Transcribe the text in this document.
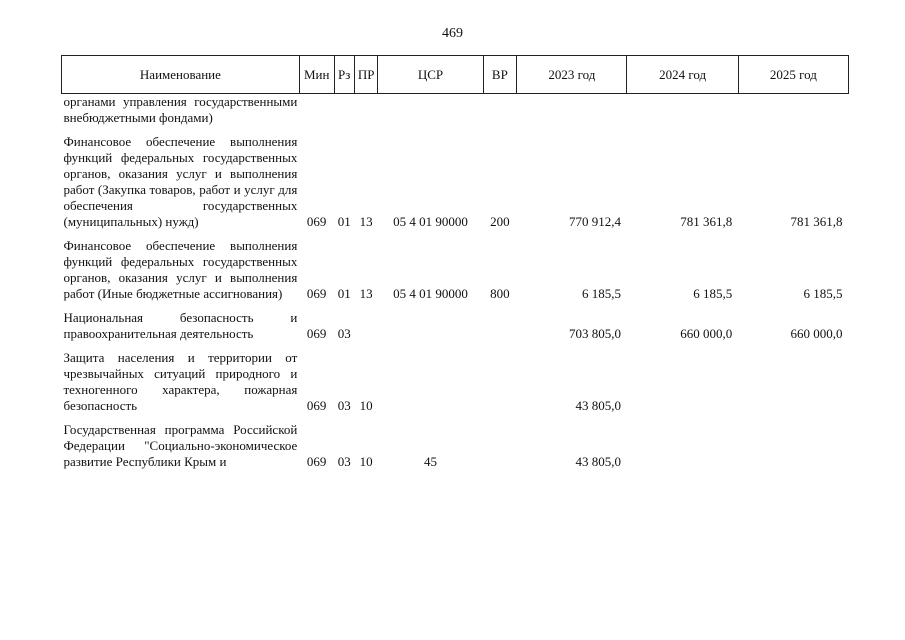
469
Наименование	Мин	Рз	ПР	ЦСР	ВР	2023 год	2024 год	2025 год
органами управления государственными внебюджетными фондами)								
Финансовое обеспечение выполнения функций федеральных государственных органов, оказания услуг и выполнения работ (Закупка товаров, работ и услуг для обеспечения государственных (муниципальных) нужд)	069	01	13	05 4 01 90000	200	770 912,4	781 361,8	781 361,8
Финансовое обеспечение выполнения функций федеральных государственных органов, оказания услуг и выполнения работ (Иные бюджетные ассигнования)	069	01	13	05 4 01 90000	800	6 185,5	6 185,5	6 185,5
Национальная безопасность и правоохранительная деятельность	069	03				703 805,0	660 000,0	660 000,0
Защита населения и территории от чрезвычайных ситуаций природного и техногенного характера, пожарная безопасность	069	03	10			43 805,0		
Государственная программа Российской Федерации "Социально-экономическое развитие Республики Крым и	069	03	10	45		43 805,0		
